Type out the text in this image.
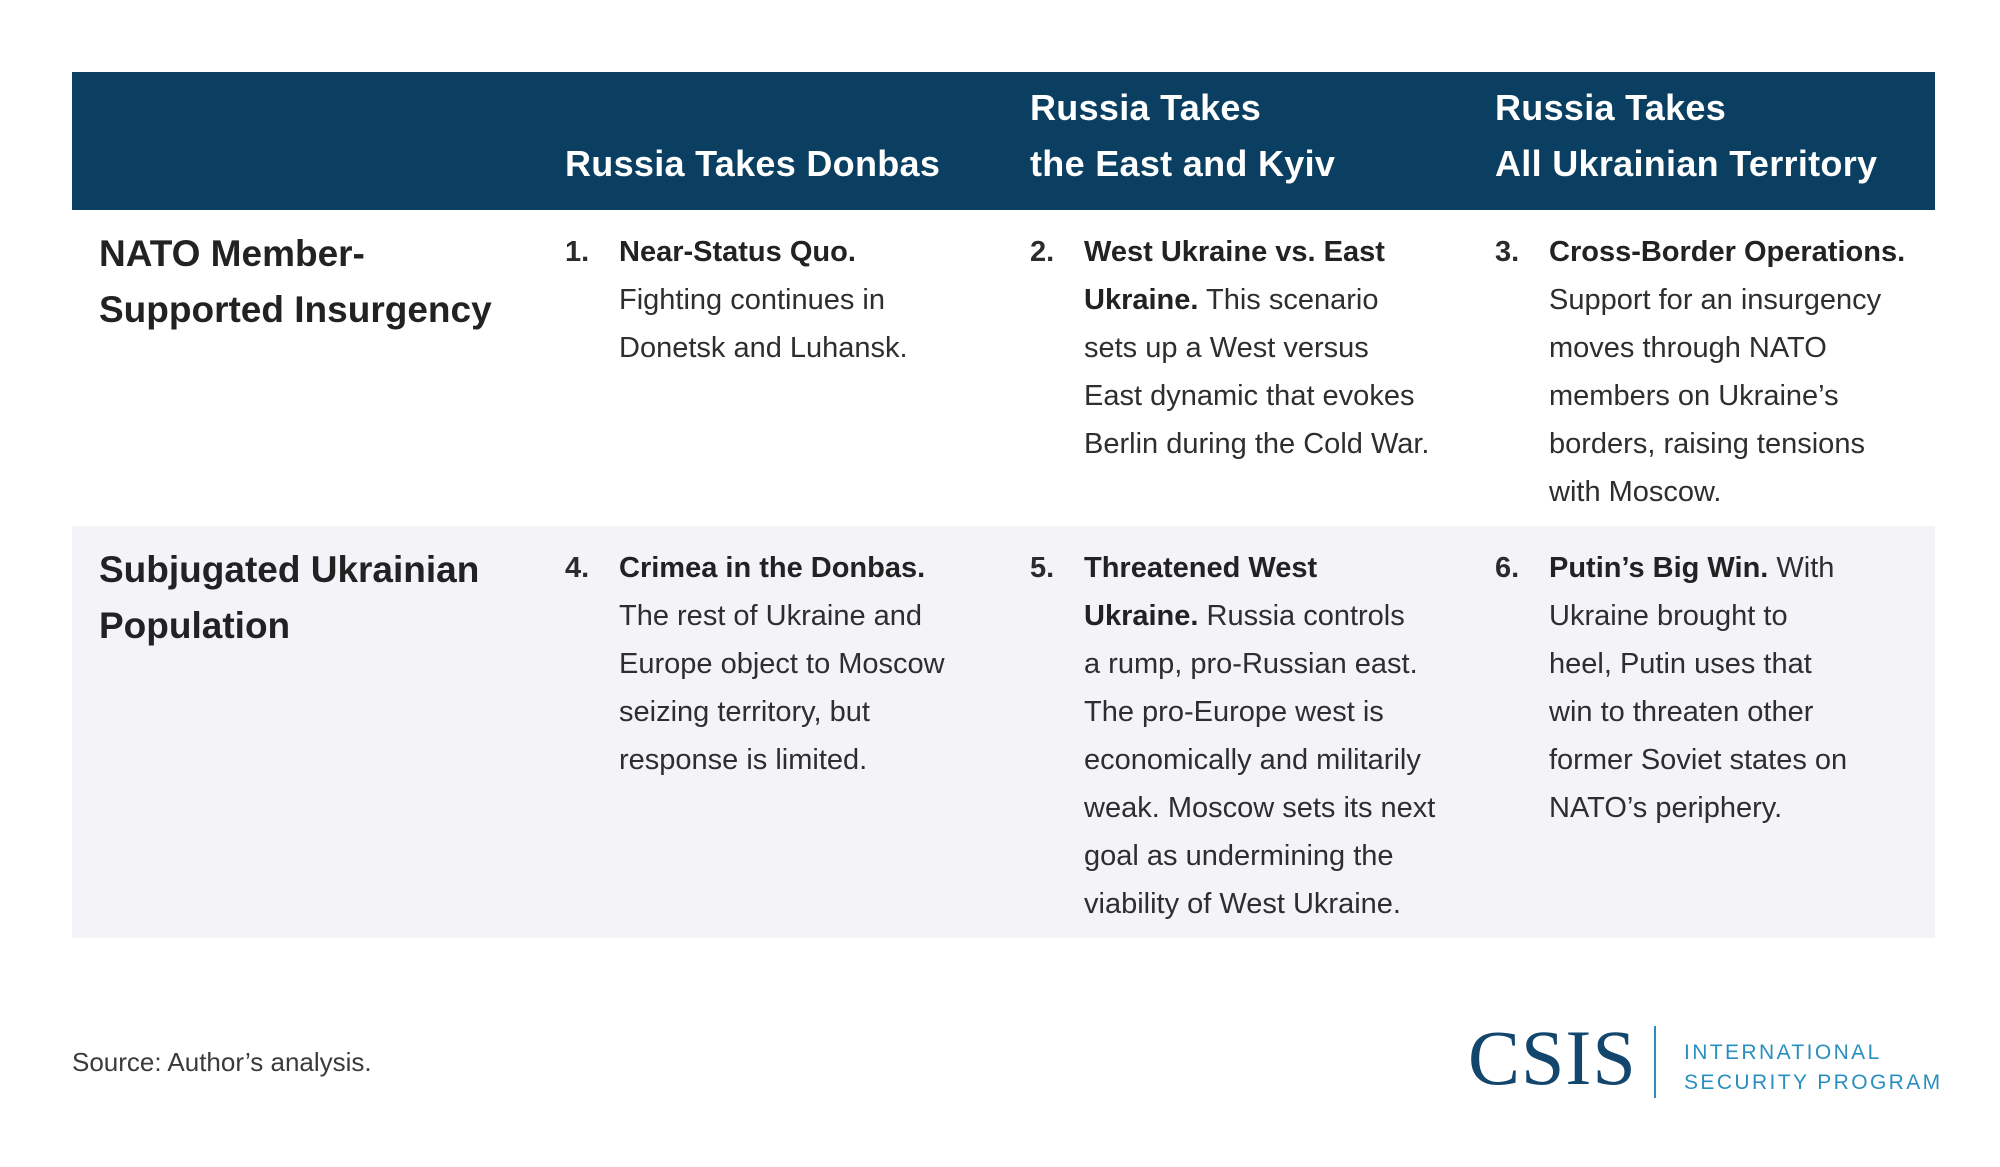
Russia Takes Donbas
Russia Takes
the East and Kyiv
Russia Takes
All Ukrainian Territory
NATO Member-
Supported Insurgency
1. Near-Status Quo.
Fighting continues in
Donetsk and Luhansk.
2. West Ukraine vs. East
Ukraine. This scenario
sets up a West versus
East dynamic that evokes
Berlin during the Cold War.
3. Cross-Border Operations.
Support for an insurgency
moves through NATO
members on Ukraine’s
borders, raising tensions
with Moscow.
Subjugated Ukrainian
Population
4. Crimea in the Donbas.
The rest of Ukraine and
Europe object to Moscow
seizing territory, but
response is limited.
5. Threatened West
Ukraine. Russia controls
a rump, pro-Russian east.
The pro-Europe west is
economically and militarily
weak. Moscow sets its next
goal as undermining the
viability of West Ukraine.
6. Putin’s Big Win. With
Ukraine brought to
heel, Putin uses that
win to threaten other
former Soviet states on
NATO’s periphery.
Source: Author’s analysis.	CSIS INTERNATIONAL
SECURITY PROGRAM
